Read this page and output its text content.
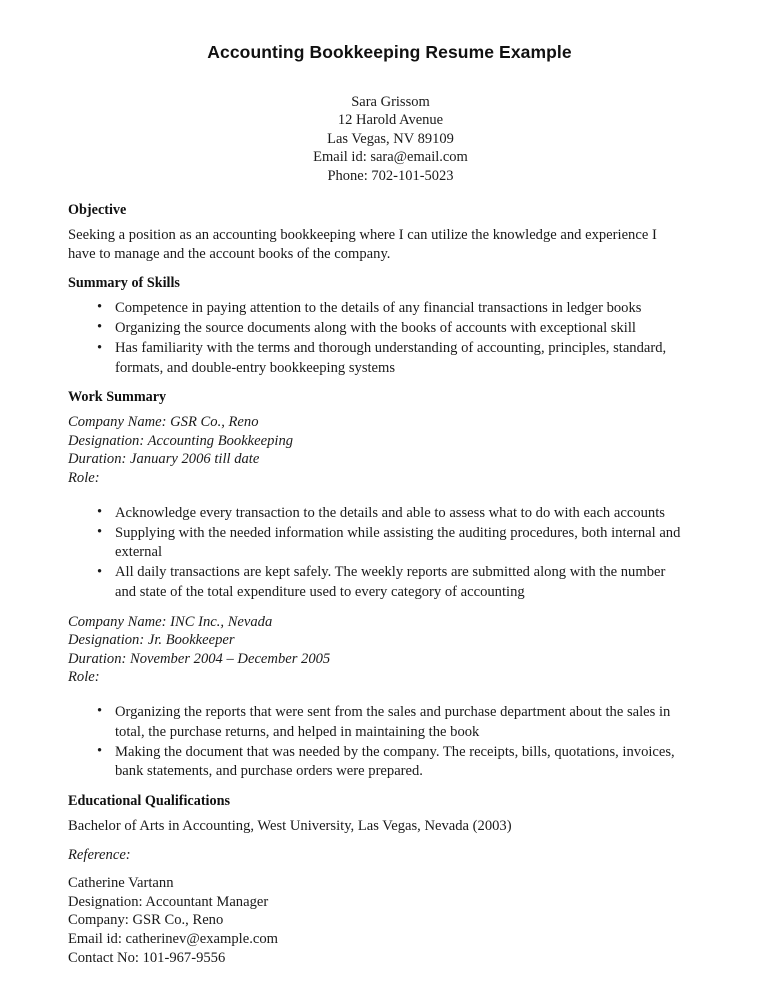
Accounting Bookkeeping Resume Example
Sara Grissom
12 Harold Avenue
Las Vegas, NV 89109
Email id: sara@email.com
Phone: 702-101-5023
Objective

Seeking a position as an accounting bookkeeping where I can utilize the knowledge and experience I have to manage and the account books of the company.

Summary of Skills
• Competence in paying attention to the details of any financial transactions in ledger books
• Organizing the source documents along with the books of accounts with exceptional skill
• Has familiarity with the terms and thorough understanding of accounting, principles, standard, formats, and double-entry bookkeeping systems
Work Summary
Company Name: GSR Co., Reno
Designation: Accounting Bookkeeping
Duration: January 2006 till date
Role:
• Acknowledge every transaction to the details and able to assess what to do with each accounts
• Supplying with the needed information while assisting the auditing procedures, both internal and external
• All daily transactions are kept safely. The weekly reports are submitted along with the number and state of the total expenditure used to every category of accounting
Company Name: INC Inc., Nevada
Designation: Jr. Bookkeeper
Duration: November 2004 – December 2005
Role:
• Organizing the reports that were sent from the sales and purchase department about the sales in total, the purchase returns, and helped in maintaining the book
• Making the document that was needed by the company. The receipts, bills, quotations, invoices, bank statements, and purchase orders were prepared.
Educational Qualifications

Bachelor of Arts in Accounting, West University, Las Vegas, Nevada (2003)

Reference:

Catherine Vartann
Designation: Accountant Manager
Company: GSR Co., Reno
Email id: catherinev@example.com
Contact No: 101-967-9556
